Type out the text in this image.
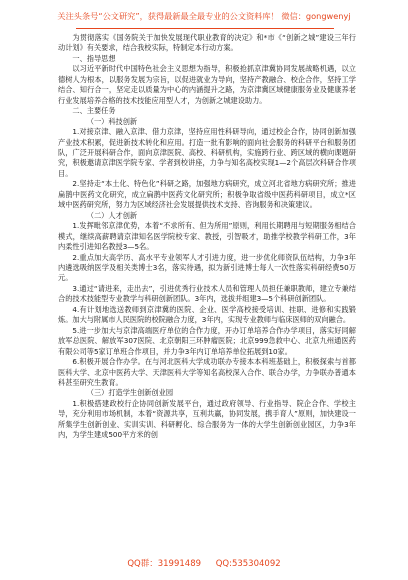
关注头条号“公文研究”，获得最新最全最专业的公文资料库！ 微信：gongwenyj

为贯彻落实《国务院关于加快发展现代职业教育的决定》和*市《“创新之城”建设三年行动计划》有关要求，结合我校实际，特制定本行动方案。

一、指导思想

以习近平新时代中国特色社会主义思想为指导，积极抢抓京津冀协同发展战略机遇，以立德树人为根本，以服务发展为宗旨，以促进就业为导向，坚持产教融合、校企合作，坚持工学结合、知行合一，坚定走以质量为中心的内涵提升之路，为京津冀区域健康服务业及健康养老行业发展培养合格的技术技能应用型人才，为创新之城建设助力。

二、主要任务

（一）科技创新

1.对接京津、融入京津、借力京津，坚持应用性科研导向，通过校企合作，协同创新加强产业技术积累，促进新技术转化和应用。打造一批有影响的面向社会服务的科研平台和服务团队，广泛开展科研合作，面向京津医院、高校、科研机构，实施跨行业、跨区域的横向课题研究，积极邀请京津医学院专家、学者到校讲座，力争与知名高校实现1—2个高层次科研合作项目。

2.坚持走“本土化、特色化”科研之路，加强地方病研究，成立河北省地方病研究所；推进扁鹊中医药文化研究，成立扁鹊中医药文化研究所；积极争取省级中医药科研项目，成立*区域中医药研究所，努力为区域经济社会发展提供技术支持、咨询服务和决策建议。

（二）人才创新

1.发挥毗邻京津优势，本着“不求所有、但为所用”原则，利用长期聘用与短期服务相结合模式，继续高薪聘请京津知名医学院校专家、教授，引智吸才，助推学校教学科研工作，3年内柔性引进知名教授3—5名。

2.重点加大高学历、高水平专业领军人才引进力度，进一步优化师资队伍结构，力争3年内遴选吸纳医学及相关类博士3名，落实待遇，拟为新引进博士每人一次性落实科研经费50万元。

3.通过“请进来，走出去”，引进优秀行业技术人员和管理人员担任兼职教师，建立专兼结合的技术技能型专业教学与科研创新团队。3年内，选拔并组建3—5个科研创新团队。

4.有计划地选送教师到京津冀的医院、企业、医学高校接受培训、挂职、进修和实践锻炼。加大与附属市人民医院的校院融合力度，3年内，实现专业教师与临床医师的双向融合。

5.进一步加大与京津高端医疗单位的合作力度，开办订单培养合作办学项目，落实好同解放军总医院、解放军307医院、北京朝阳三环肿瘤医院；北京999急救中心、北京九州通医药有限公司等5家订单班合作项目，并力争3年内订单培养单位拓展到10家。

6.积极开展合作办学。在与河北医科大学成功联办专接本本科班基础上，积极探索与首都医科大学、北京中医药大学、天津医科大学等知名高校深入合作、联合办学，力争联办普通本科甚至研究生教育。

（三）打造学生创新创业园

1.积极搭建政校行企协同创新发展平台，通过政府领导、行业指导、院企合作、学校主导，充分利用市场机制，本着“资源共享，互利共赢，协同发展，携手育人”原则，加快建设一所集学生创新创业、实训实训、科研孵化、综合服务为一体的大学生创新创业园区，力争3年内，为学生建成500平方米的创

QQ群：31991489 QQ:535304092
